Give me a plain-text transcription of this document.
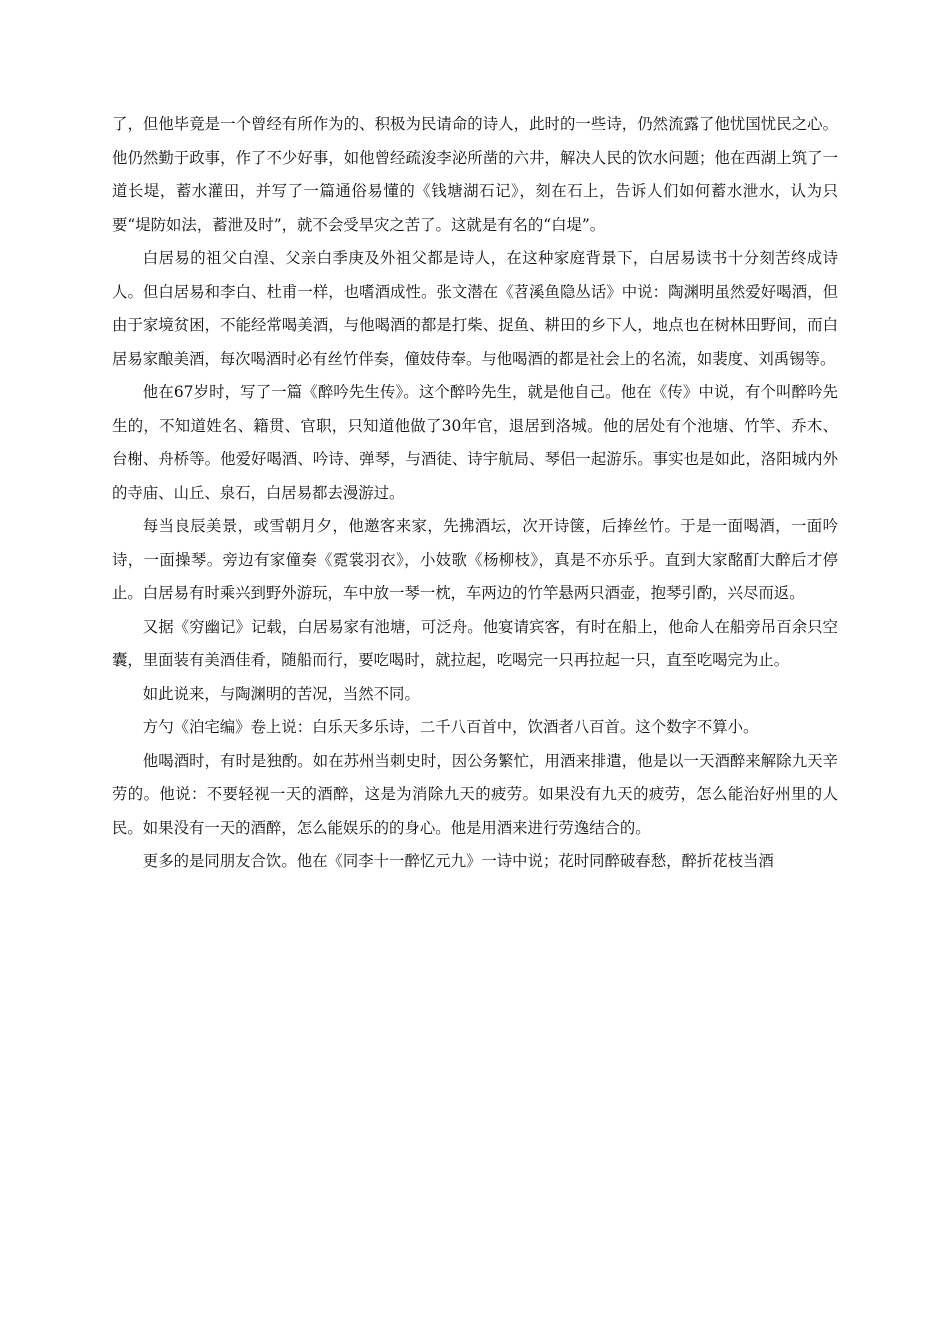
了，但他毕竟是一个曾经有所作为的、积极为民请命的诗人，此时的一些诗，仍然流露了他忧国忧民之心。他仍然勤于政事，作了不少好事，如他曾经疏浚李泌所凿的六井，解决人民的饮水问题；他在西湖上筑了一道长堤，蓄水灌田，并写了一篇通俗易懂的《钱塘湖石记》，刻在石上，告诉人们如何蓄水泄水，认为只要“堤防如法，蓄泄及时”，就不会受旱灾之苦了。这就是有名的“白堤”。

白居易的祖父白湟、父亲白季庚及外祖父都是诗人，在这种家庭背景下，白居易读书十分刻苦终成诗人。但白居易和李白、杜甫一样，也嗜酒成性。张文潜在《苕溪鱼隐丛话》中说：陶渊明虽然爱好喝酒，但由于家境贫困，不能经常喝美酒，与他喝酒的都是打柴、捉鱼、耕田的乡下人，地点也在树林田野间，而白居易家酿美酒，每次喝酒时必有丝竹伴奏，僮妓侍奉。与他喝酒的都是社会上的名流，如裴度、刘禹锡等。

他在67岁时，写了一篇《醉吟先生传》。这个醉吟先生，就是他自己。他在《传》中说，有个叫醉吟先生的，不知道姓名、籍贯、官职，只知道他做了30年官，退居到洛城。他的居处有个池塘、竹竿、乔木、台榭、舟桥等。他爱好喝酒、吟诗、弹琴，与酒徒、诗宇航局、琴侣一起游乐。事实也是如此，洛阳城内外的寺庙、山丘、泉石，白居易都去漫游过。

每当良辰美景，或雪朝月夕，他邀客来家，先拂酒坛，次开诗箧，后捧丝竹。于是一面喝酒，一面吟诗，一面操琴。旁边有家僮奏《霓裳羽衣》，小妓歌《杨柳枝》，真是不亦乐乎。直到大家酩酊大醉后才停止。白居易有时乘兴到野外游玩，车中放一琴一枕，车两边的竹竿悬两只酒壶，抱琴引酌，兴尽而返。

又据《穷幽记》记载，白居易家有池塘，可泛舟。他宴请宾客，有时在船上，他命人在船旁吊百余只空囊，里面装有美酒佳肴，随船而行，要吃喝时，就拉起，吃喝完一只再拉起一只，直至吃喝完为止。

如此说来，与陶渊明的苦况，当然不同。

方勺《泊宅编》卷上说：白乐天多乐诗，二千八百首中，饮酒者八百首。这个数字不算小。

他喝酒时，有时是独酌。如在苏州当刺史时，因公务繁忙，用酒来排遣，他是以一天酒醉来解除九天辛劳的。他说：不要轻视一天的酒醉，这是为消除九天的疲劳。如果没有九天的疲劳，怎么能治好州里的人民。如果没有一天的酒醉，怎么能娱乐的的身心。他是用酒来进行劳逸结合的。

更多的是同朋友合饮。他在《同李十一醉忆元九》一诗中说；花时同醉破春愁，醉折花枝当酒
